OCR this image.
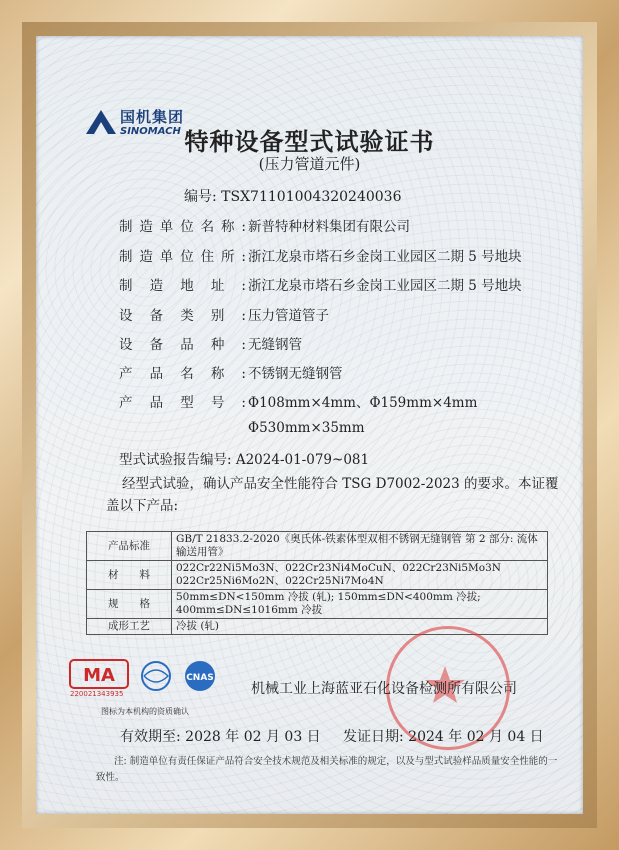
国机集团
SINOMACH 特种设备型式试验证书
(压力管道元件)
编号: TSX71101004320240036
制造单位名称: 新普特种材料集团有限公司
制造单位住所: 浙江龙泉市塔石乡金岗工业园区二期 5 号地块
制造地址: 浙江龙泉市塔石乡金岗工业园区二期 5 号地块
设备类别: 压力管道管子
设备品种: 无缝钢管
产品名称: 不锈钢无缝钢管
产品型号: Φ108mm×4mm、Φ159mm×4mm
Φ530mm×35mm
型式试验报告编号: A2024-01-079~081
经型式试验，确认产品安全性能符合 TSG D7002-2023 的要求。本证覆盖以下产品:
产品标准	GB/T 21833.2-2020《奥氏体-铁素体型双相不锈钢无缝钢管 第 2 部分: 流体输送用管》
材　　料	022Cr22Ni5Mo3N、022Cr23Ni4MoCuN、022Cr23Ni5Mo3N 022Cr25Ni6Mo2N、022Cr25Ni7Mo4N
规　　格	50mm≤DN<150mm 冷拔 (轧); 150mm≤DN<400mm 冷拔; 400mm≤DN≤1016mm 冷拔
成形工艺	冷拔 (轧)
MA
220021343935
CNAS
机械工业上海蓝亚石化设备检测所有限公司
图标为本机构的资质确认
有效期至: 2028 年 02 月 03 日 发证日期: 2024 年 02 月 04 日
注: 制造单位有责任保证产品符合安全技术规范及相关标准的规定，以及与型式试验样品质量安全性能的一致性。
